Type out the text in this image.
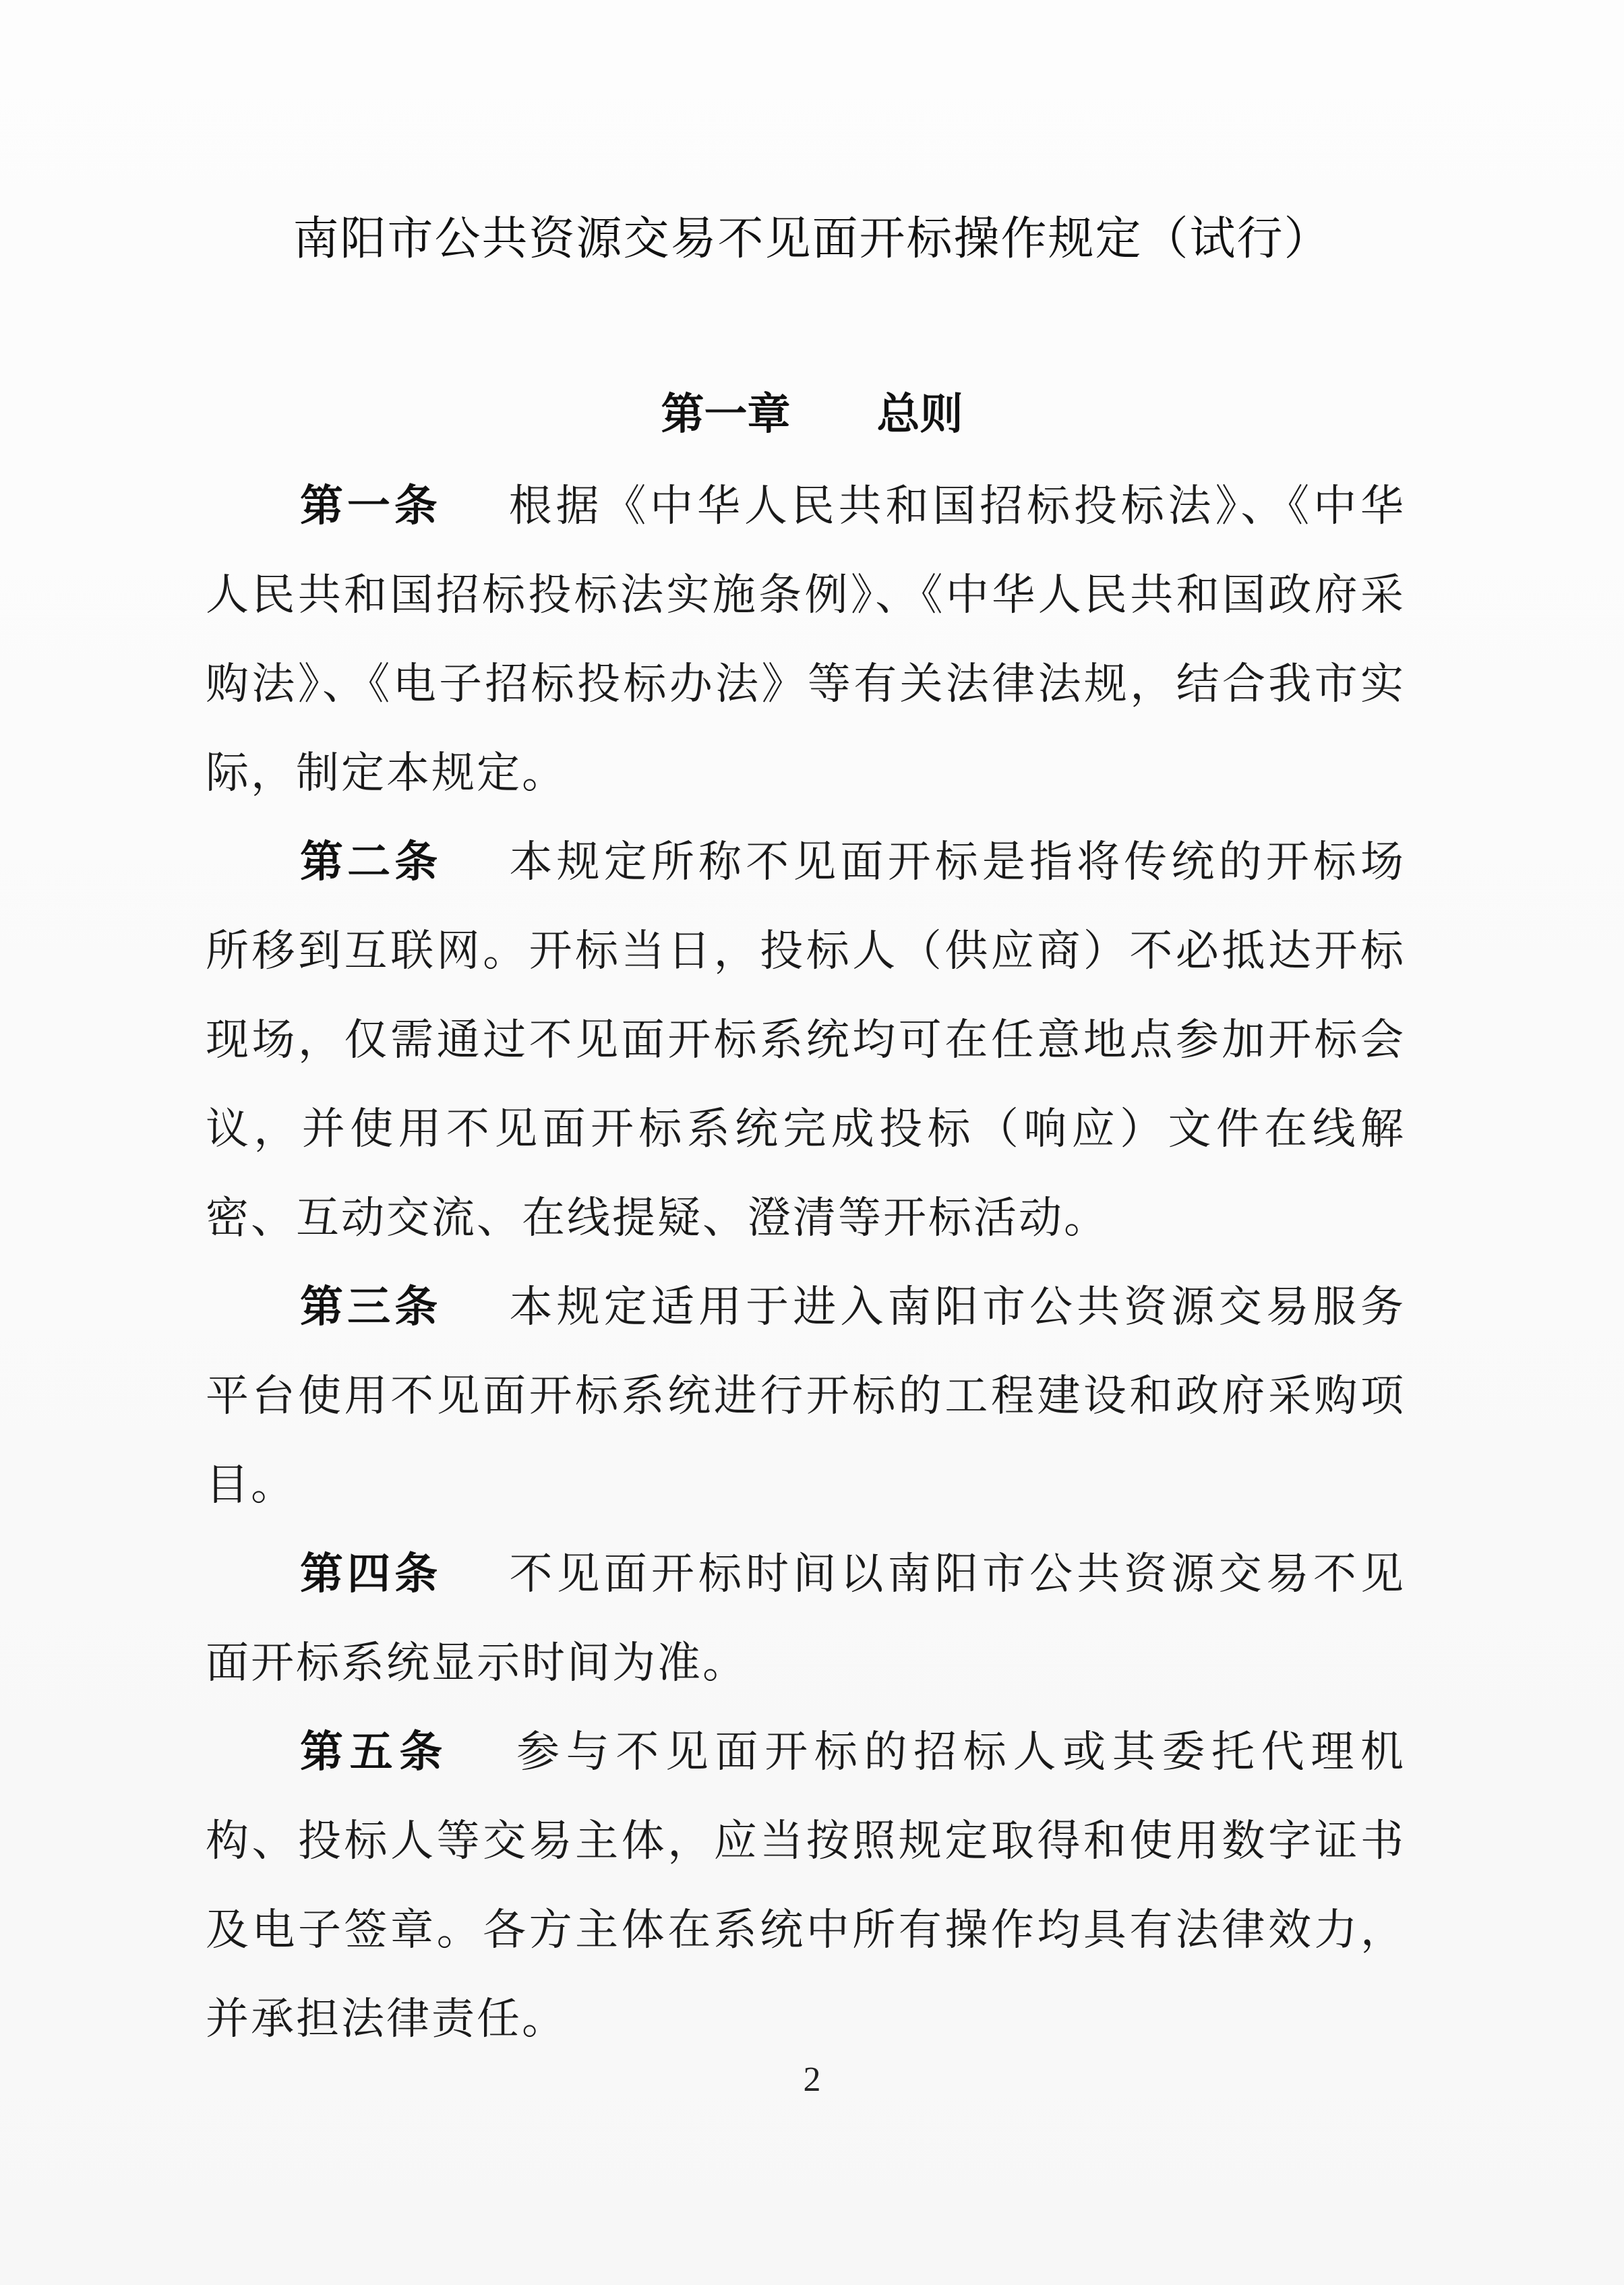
南阳市公共资源交易不见面开标操作规定（试行）
第一章　　总则

第一条 根据《中华人民共和国招标投标法》、《中华人民共和国招标投标法实施条例》、《中华人民共和国政府采购法》、《电子招标投标办法》等有关法律法规，结合我市实际，制定本规定。

第二条 本规定所称不见面开标是指将传统的开标场所移到互联网。开标当日，投标人（供应商）不必抵达开标现场，仅需通过不见面开标系统均可在任意地点参加开标会议，并使用不见面开标系统完成投标（响应）文件在线解密、互动交流、在线提疑、澄清等开标活动。

第三条 本规定适用于进入南阳市公共资源交易服务平台使用不见面开标系统进行开标的工程建设和政府采购项目。

第四条 不见面开标时间以南阳市公共资源交易不见面开标系统显示时间为准。

第五条 参与不见面开标的招标人或其委托代理机构、投标人等交易主体，应当按照规定取得和使用数字证书及电子签章。各方主体在系统中所有操作均具有法律效力，并承担法律责任。

2
